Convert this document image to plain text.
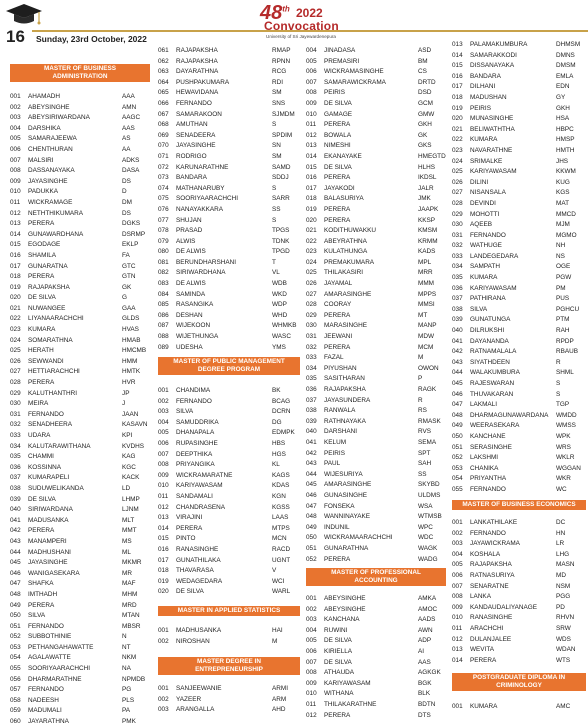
16 Sunday, 23rd October, 2022
48th 2022
Convocation
University of Sri Jayewardenepura
MASTER OF BUSINESS
ADMINISTRATION
001	AHAMADH	AAA
002	ABEYSINGHE	AMN
003	ABEYSIRIWARDANA	AAGC
004	DARSHIKA	AAS
005	SAMARAJEEWA	AS
006	CHENTHURAN	AA
007	MALSIRI	ADKS
008	DASSANAYAKA	DASA
009	JAYASINGHE	DS
010	PADUKKA	D
011	WICKRAMAGE	DM
012	NETHTHIKUMARA	DS
013	PERERA	DGKS
014	GUNAWARDHANA	DSRMP
015	EGODAGE	EKLP
016	SHAMILA	FA
017	GUNARATNA	GTC
018	PERERA	GTN
019	RAJAPAKSHA	GK
020	DE SILVA	G
021	NUWANGEE	GAA
022	LIYANAARACHCHI	GLDS
023	KUMARA	HVAS
024	SOMARATHNA	HMAB
025	HERATH	HMCMB
026	SEWWANDI	HMM
027	HETTIARACHCHI	HMTK
028	PERERA	HVR
029	KALUTHANTHRI	JP
030	MEIRA	J
031	FERNANDO	JAAN
032	SENADHEERA	KASAVN
033	UDARA	KPI
034	KALUTARAWITHANA	KVDHS
035	CHAMMI	KAG
036	KOSSINNA	KGC
037	KUMARAPELI	KACK
038	SUDUWELIKANDA	LD
039	DE SILVA	LHMP
040	SIRIWARDANA	LJNM
041	MADUSANKA	MLT
042	PERERA	MMT
043	MANAMPERI	MS
044	MADHUSHANI	ML
045	JAYASINGHE	MKMR
046	WANIGASEKARA	MR
047	SHAFKA	MAF
048	IMTHADH	MHM
049	PERERA	MRD
050	SILVA	MTAN
051	FERNANDO	MBSR
052	SUBBOTHINIE	N
053	PETHANGAHAWATTE	NT
054	AGALAWATTE	NKM
055	SOORIYAARACHCHI	NA
056	DHARMARATHNE	NPMDB
057	FERNANDO	PG
058	NADEESH	PLS
059	MADUMALI	PA
060	JAYARATHNA	PMK
061	RAJAPAKSHA	RMAP
062	RAJAPAKSHA	RPNN
063	DAYARATHNA	RCG
064	PUSHPAKUMARA	RDI
065	HEWAVIDANA	SM
066	FERNANDO	SNS
067	SAMARAKOON	SJMDM
068	AMUTHAN	S
069	SENADEERA	SPDIM
070	JAYASINGHE	SN
071	RODRIGO	SM
072	KARUNARATHNE	SAMD
073	BANDARA	SDDJ
074	MATHANARUBY	S
075	SOORIYAARACHCHI	SARR
076	NANAYAKKARA	SS
077	SHUJAN	S
078	PRASAD	TPGS
079	ALWIS	TDNK
080	DE ALWIS	TPGD
081	BERUNDHARSHANI	T
082	SIRIWARDHANA	VL
083	DE ALWIS	WDB
084	SAMINDA	WKD
085	RASANGIKA	WDP
086	DESHAN	WHD
087	WIJEKOON	WHMKB
088	WIJETHUNGA	WASC
089	UDESHA	YMS
MASTER OF PUBLIC MANAGEMENT
DEGREE PROGRAM
001	CHANDIMA	BK
002	FERNANDO	BCAG
003	SILVA	DCRN
004	SAMUDDRIKA	DG
005	DHANAPALA	EDMPK
006	RUPASINGHE	HBS
007	DEEPTHIKA	HGS
008	PRIYANGIKA	KL
009	WICKRAMARATNE	KAGS
010	KARIYAWASAM	KDAS
011	SANDAMALI	KGN
012	CHANDRASENA	KGSS
013	VIRAJINI	LAAS
014	PERERA	MTPS
015	PINTO	MCN
016	RANASINGHE	RACD
017	GUNATHILAKA	UGNT
018	THAVARASA	V
019	WEDAGEDARA	WCI
020	DE SILVA	WARL
MASTER IN APPLIED STATISTICS
001	MADHUSANKA	HAI
002	NIROSHAN	M
MASTER DEGREE IN
ENTREPRENEURSHIP
001	SANJEEWANIE	ARMI
002	YAZEER	ARM
003	ARANGALLA	AHD
004	JINADASA	ASD
005	PREMASIRI	BM
006	WICKRAMASINGHE	CS
007	SAMARAWICKRAMA	DRTD
008	PEIRIS	DSD
009	DE SILVA	GCM
010	GAMAGE	GMW
011	PERERA	GKH
012	BOWALA	GK
013	NIMESHI	GKS
014	EKANAYAKE	HMEGTD
015	DE SILVA	HLHS
016	PERERA	IKDSL
017	JAYAKODI	JALR
018	BALASURIYA	JMK
019	PERERA	JAAPK
020	PERERA	KKSP
021	KODITHUWAKKU	KMSM
022	ABEYRATHNA	KRMM
023	KULATHUNGA	KADS
024	PREMAKUMARA	MPL
025	THILAKASIRI	MRR
026	JAYAMAL	MMM
027	AMARASINGHE	MPPS
028	COORAY	MMSI
029	PERERA	MT
030	MARASINGHE	MANP
031	JEEWANI	MDW
032	PERERA	MCM
033	FAZAL	M
034	PIYUSHAN	OWON
035	SASITHARAN	P
036	RAJAPAKSHA	RAGK
037	JAYASUNDERA	R
038	RANWALA	RS
039	RATHNAYAKA	RMASK
040	DARSHANI	RVS
041	KELUM	SEMA
042	PEIRIS	SPT
043	PAUL	SAH
044	WIJESURIYA	SS
045	AMARASINGHE	SKYBD
046	GUNASINGHE	ULDMS
047	FONSEKA	WSA
048	WANNINAYAKE	WTMSB
049	INDUNIL	WPC
050	WICKRAMAARACHCHI	WDC
051	GUNARATHNA	WAGK
052	PERERA	WADG
MASTER OF PROFESSIONAL
ACCOUNTING
001	ABEYSINGHE	AMKA
002	ABEYSINGHE	AMOC
003	KANCHANA	AADS
004	RUWINI	AWN
005	DE SILVA	ADP
006	KIRIELLA	AI
007	DE SILVA	AAS
008	ATHAUDA	AGKGK
009	KARIYAWASAM	BGK
010	WITHANA	BLK
011	THILAKARATHNE	BDTN
012	PERERA	DTS
013	PALAMAKUMBURA	DHMSM
014	SAMARAKKODI	DMNS
015	DISSANAYAKA	DMSM
016	BANDARA	EMLA
017	DILHANI	EDN
018	MADUSHAN	GY
019	PEIRIS	GKH
020	MUNASINGHE	HSA
021	BELIWATHTHA	HBPC
022	KUMARA	HMSP
023	NAVARATHNE	HMTH
024	SRIMALKE	JHS
025	KARIYAWASAM	KKWM
026	DILINI	KUG
027	NISANSALA	KGS
028	DEVINDI	MAT
029	MOHOTTI	MMCD
030	AQEEB	MJM
031	FERNANDO	MGMO
032	WATHUGE	NH
033	LANDEGEDARA	NS
034	SAMPATH	OGE
035	KUMARA	PGW
036	KARIYAWASAM	PM
037	PATHIRANA	PUS
038	SILVA	PGHCU
039	GUNATUNGA	PTM
040	DILRUKSHI	RAH
041	DAYANANDA	RPDP
042	RATNAMALALA	RBAUB
043	SIYATHDEEN	R
044	WALAKUMBURA	SHML
045	RAJESWARAN	S
046	THUVAKARAN	S
047	LAKMALI	TGP
048	DHARMAGUNAWARDANA	WMDD
049	WEERASEKARA	WMSS
050	KANCHANE	WPK
051	SERASINGHE	WRS
052	LAKSHMI	WKLR
053	CHANIKA	WGGAN
054	PRIYANTHA	WKR
055	FERNANDO	WC
MASTER OF BUSINESS ECONOMICS
001	LANKATHILAKE	DC
002	FERNANDO	HN
003	JAYAWICKRAMA	LR
004	KOSHALA	LHG
005	RAJAPAKSHA	MASN
006	RATNASURIYA	MD
007	SENARATNE	NSM
008	LANKA	PGG
009	KANDAUDALIYANAGE	PD
010	RANASINGHE	RHVN
011	ARACHCHI	SRW
012	DULANJALEE	WDS
013	WEVITA	WDAN
014	PERERA	WTS
POSTGRADUATE DIPLOMA IN
CRIMINOLOGY
001	KUMARA	AMC
